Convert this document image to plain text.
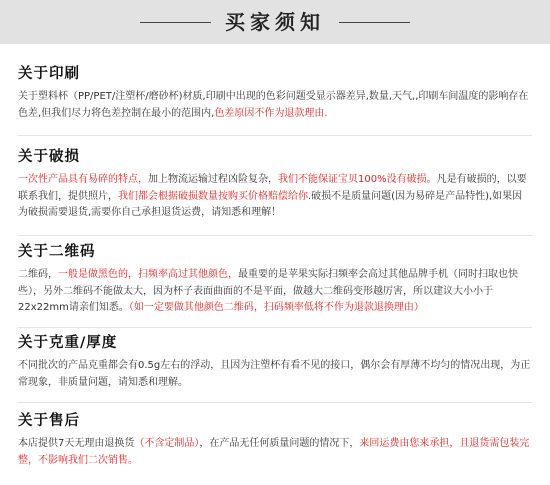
买家须知
关于印刷

关于塑料杯（PP/PET/注塑杯/磨砂杯)材质,印刷中出现的色彩问题受显示器差异,数量,天气,,印刷车间温度的影响存在色差,但我们尽力将色差控制在最小的范围内,色差原因不作为退款理由.

关于破损

一次性产品具有易碎的特点，加上物流运输过程凶险复杂，我们不能保证宝贝100%没有破损。凡是有破损的，以要联系我们，提供照片，我们都会根据破损数量按购买价格赔偿给你.破损不是质量问题(因为易碎是产品特性),如果因为破损需要退货,需要你自己承担退货运费，请知悉和理解！

关于二维码

二维码，一般是做黑色的，扫频率高过其他颜色，最重要的是苹果实际扫频率会高过其他品牌手机（同时扫取也快些），另外二维码不能做太大，因为杯子表面曲面的不是平面，做越大二维码变形越厉害，所以建议大小小于22x22mm请亲们知悉。（如一定要做其他颜色二维码，扫码频率低将不作为退款退换理由）

关于克重/厚度

不同批次的产品克重都会有0.5g左右的浮动，且因为注塑杯有看不见的接口，偶尔会有厚薄不均匀的情况出现，为正常现象，非质量问题，请知悉和理解。

关于售后

本店提供7天无理由退换货（不含定制品），在产品无任何质量问题的情况下，来回运费由您来承担，且退货需包装完整，不影响我们二次销售。
